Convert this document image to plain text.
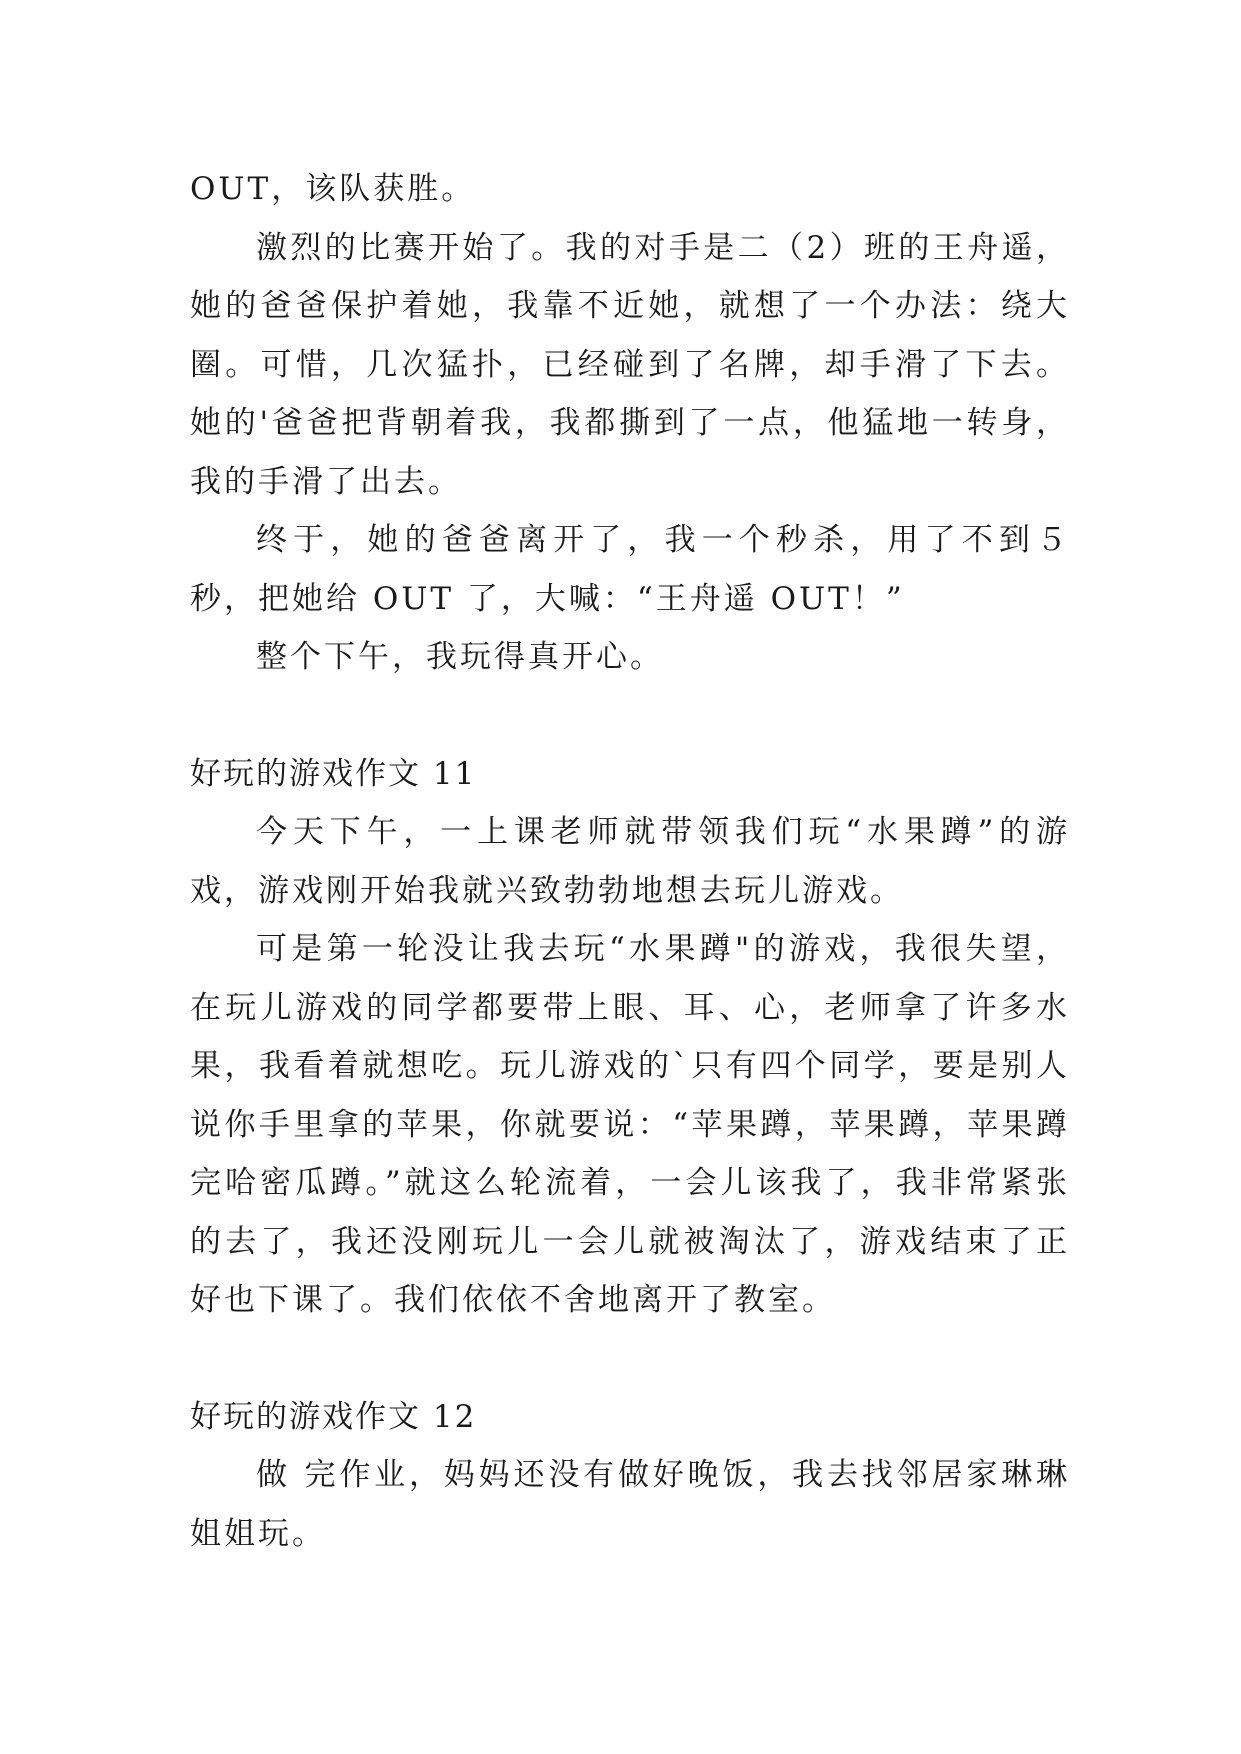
OUT，该队获胜。

激烈的比赛开始了。我的对手是二（2）班的王舟遥，她的爸爸保护着她，我靠不近她，就想了一个办法：绕大圈。可惜，几次猛扑，已经碰到了名牌，却手滑了下去。她的'爸爸把背朝着我，我都撕到了一点，他猛地一转身，我的手滑了出去。

终于，她的爸爸离开了，我一个秒杀，用了不到５秒，把她给 OUT 了，大喊：“王舟遥 OUT！”

整个下午，我玩得真开心。

好玩的游戏作文 11

今天下午，一上课老师就带领我们玩“水果蹲”的游戏，游戏刚开始我就兴致勃勃地想去玩儿游戏。

可是第一轮没让我去玩“水果蹲"的游戏，我很失望，在玩儿游戏的同学都要带上眼、耳、心，老师拿了许多水果，我看着就想吃。玩儿游戏的`只有四个同学，要是别人说你手里拿的苹果，你就要说：“苹果蹲，苹果蹲，苹果蹲完哈密瓜蹲。”就这么轮流着，一会儿该我了，我非常紧张的去了，我还没刚玩儿一会儿就被淘汰了，游戏结束了正好也下课了。我们依依不舍地离开了教室。

好玩的游戏作文 12

做 完作业，妈妈还没有做好晚饭，我去找邻居家琳琳姐姐玩。
